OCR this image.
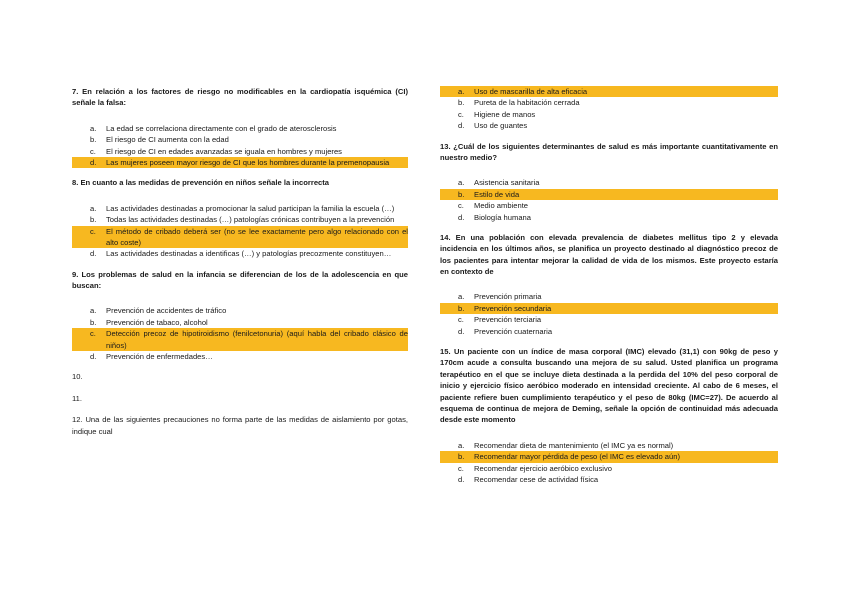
7. En relación a los factores de riesgo no modificables en la cardiopatía isquémica (CI) señale la falsa:

a.	La edad se correlaciona directamente con el grado de aterosclerosis
b.	El riesgo de CI aumenta con la edad
c.	El riesgo de CI en edades avanzadas se iguala en hombres y mujeres
d.	Las mujeres poseen mayor riesgo de CI que los hombres durante la premenopausia

8. En cuanto a las medidas de prevención en niños señale la incorrecta

a.	Las actividades destinadas a promocionar la salud participan la familia la escuela (…)
b.	Todas las actividades destinadas (…) patologías crónicas contribuyen a la prevención
c.	El método de cribado deberá ser (no se lee exactamente pero algo relacionado con el alto coste)
d.	Las actividades destinadas a identificas (…) y patologías precozmente constituyen…

9. Los problemas de salud en la infancia se diferencian de los de la adolescencia en que buscan:

a.	Prevención de accidentes de tráfico
b.	Prevención de tabaco, alcohol
c.	Detección precoz de hipotiroidismo (fenilcetonuria) (aquí habla del cribado clásico de niños)
d.	Prevención de enfermedades…

10.

11.

12. Una de las siguientes precauciones no forma parte de las medidas de aislamiento por gotas, indique cual

a.	Uso de mascarilla de alta eficacia
b.	Pureta de la habitación cerrada
c.	Higiene de manos
d.	Uso de guantes

13. ¿Cuál de los siguientes determinantes de salud es más importante cuantitativamente en nuestro medio?

a.	Asistencia sanitaria
b.	Estilo de vida
c.	Medio ambiente
d.	Biología humana

14. En una población con elevada prevalencia de diabetes mellitus tipo 2 y elevada incidencia en los últimos años, se planifica un proyecto destinado al diagnóstico precoz de los pacientes para intentar mejorar la calidad de vida de los mismos. Este proyecto estaría en contexto de

a.	Prevención primaria
b.	Prevención secundaria
c.	Prevención terciaria
d.	Prevención cuaternaria

15. Un paciente con un índice de masa corporal (IMC) elevado (31,1) con 90kg de peso y 170cm acude a consulta buscando una mejora de su salud. Usted planifica un programa terapéutico en el que se incluye dieta destinada a la perdida del 10% del peso corporal de inicio y ejercicio físico aeróbico moderado en intensidad creciente. Al cabo de 6 meses, el paciente refiere buen cumplimiento terapéutico y el peso de 80kg (IMC=27). De acuerdo al esquema de continua de mejora de Deming, señale la opción de continuidad más adecuada desde este momento

a.	Recomendar dieta de mantenimiento (el IMC ya es normal)
b.	Recomendar mayor pérdida de peso (el IMC es elevado aún)
c.	Recomendar ejercicio aeróbico exclusivo
d.	Recomendar cese de actividad física
